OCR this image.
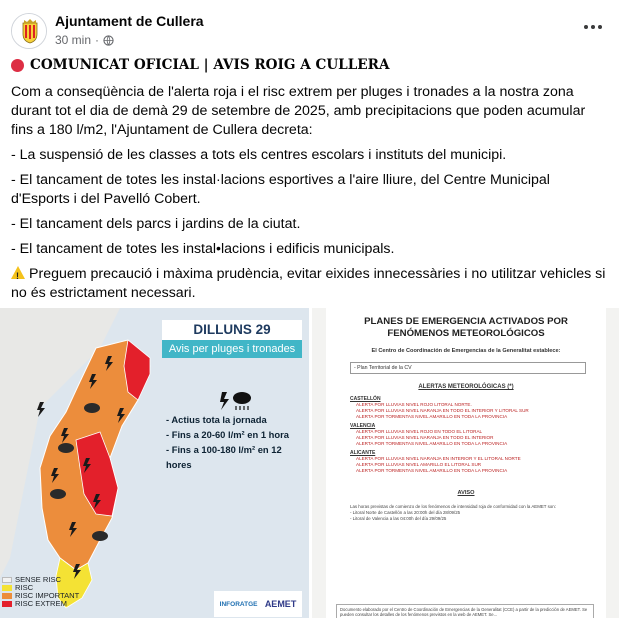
Ajuntament de Cullera
30 min ·
COMUNICAT OFICIAL | AVIS ROIG A CULLERA

Com a conseqüència de l'alerta roja i el risc extrem per pluges i tronades a la nostra zona durant tot el dia de demà 29 de setembre de 2025, amb precipitacions que poden acumular fins a 180 l/m2, l'Ajuntament de Cullera decreta:

- La suspensió de les classes a tots els centres escolars i instituts del municipi.

- El tancament de totes les instal·lacions esportives a l'aire lliure, del Centre Municipal d'Esports i del Pavelló Cobert.

- El tancament dels parcs i jardins de la ciutat.

- El tancament de totes les instal•lacions i edificis municipals.

!Preguem precaució i màxima prudència, evitar eixides innecessàries i no utilitzar vehicles si no és estrictament necessari.

DILLUNS 29
Avis per pluges i tronades
- Actius tota la jornada
- Fins a 20-60 l/m² en 1 hora
- Fins a 100-180 l/m² en 12 hores
SENSE RISC
RISC
RISC IMPORTANT
RISC EXTREM	INFORATGE AEMET
PLANES DE EMERGENCIA ACTIVADOS POR FENÓMENOS METEOROLÓGICOS
El Centro de Coordinación de Emergencias de la Generalitat establece:
- Plan Territorial de la CV
ALERTAS METEOROLÓGICAS (*)
CASTELLÓN
ALERTA POR LLUVIAS NIVEL ROJO LITORAL NORTE.
ALERTA POR LLUVIAS NIVEL NARANJA EN TODO EL INTERIOR Y LITORAL SUR
ALERTA POR TORMENTAS NIVEL AMARILLO EN TODA LA PROVINCIA
VALENCIA
ALERTA POR LLUVIAS NIVEL ROJO EN TODO EL LITORAL
ALERTA POR LLUVIAS NIVEL NARANJA EN TODO EL INTERIOR
ALERTA POR TORMENTAS NIVEL AMARILLO EN TODA LA PROVINCIA
ALICANTE
ALERTA POR LLUVIAS NIVEL NARANJA EN INTERIOR Y EL LITORAL NORTE
ALERTA POR LLUVIAS NIVEL AMARILLO EL LITORAL SUR
ALERTA POR TORMENTAS NIVEL AMARILLO EN TODA LA PROVINCIA
AVISO
Las horas previstas de comienzo de los fenómenos de intensidad roja de conformidad con la AEMET son:
- Litoral Norte de Castellón a las 20:00h del día 28/09/25
- Litoral de Valencia a las 04:00h del día 29/09/25
Documento elaborado por el Centro de Coordinación de Emergencias de la Generalitat (CCE) a partir de la predicción de AEMET. Se pueden consultar los detalles de los fenómenos previstos en la web de AEMET. Se...
